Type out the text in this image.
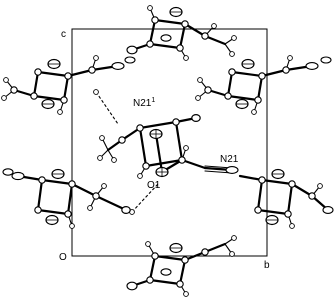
c
b
O
$N21^1$
N21
O1
